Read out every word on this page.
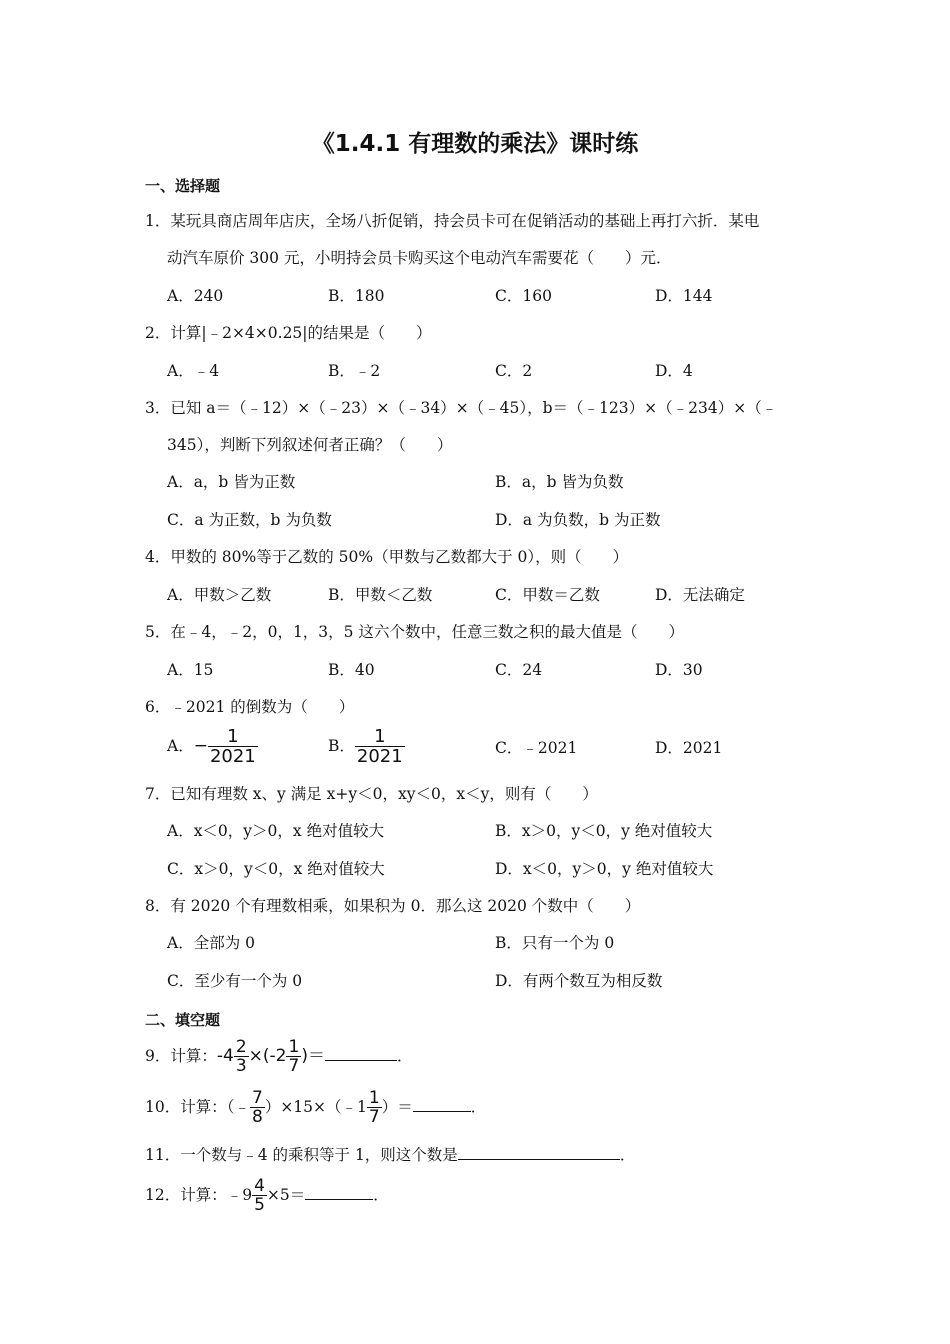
《1.4.1 有理数的乘法》课时练
一、选择题
1．某玩具商店周年店庆，全场八折促销，持会员卡可在促销活动的基础上再打六折．某电
动汽车原价 300 元，小明持会员卡购买这个电动汽车需要花（　　）元．
A．240	B．180	C．160	D．144
2．计算|﹣2×4×0.25|的结果是（　　）
A．﹣4	B．﹣2	C．2	D．4
3．已知 a＝（﹣12）×（﹣23）×（﹣34）×（﹣45），b＝（﹣123）×（﹣234）×（﹣
345），判断下列叙述何者正确？（　　）
A．a，b 皆为正数	B．a，b 皆为负数
C．a 为正数，b 为负数	D．a 为负数，b 为正数
4．甲数的 80%等于乙数的 50%（甲数与乙数都大于 0），则（　　）
A．甲数＞乙数	B．甲数＜乙数	C．甲数＝乙数	D．无法确定
5．在﹣4，﹣2，0，1，3，5 这六个数中，任意三数之积的最大值是（　　）
A．15	B．40	C．24	D．30
6．﹣2021 的倒数为（　　）
A．− $\frac{1}{2021}$	B． $\frac{1}{2021}$	C．﹣2021	D．2021
7．已知有理数 x、y 满足 x+y＜0，xy＜0，x＜y，则有（　　）
A．x＜0，y＞0，x 绝对值较大	B．x＞0，y＜0，y 绝对值较大
C．x＞0，y＜0，x 绝对值较大	D．x＜0，y＞0，y 绝对值较大
8．有 2020 个有理数相乘，如果积为 0．那么这 2020 个数中（　　）
A．全部为 0	B．只有一个为 0
C．至少有一个为 0	D．有两个数互为相反数
二、填空题
9．计算：$-4 \frac{2}{3} \times(-2 \frac{1}{7}$ )＝	．
10．计算：（﹣ $\frac{7}{8}$ ）×15×（﹣1 $\frac{1}{7}$ ）＝	．
11．一个数与﹣4 的乘积等于 1，则这个数是	．
12．计算：﹣9 $\frac{4}{5} \times 5=$	．
